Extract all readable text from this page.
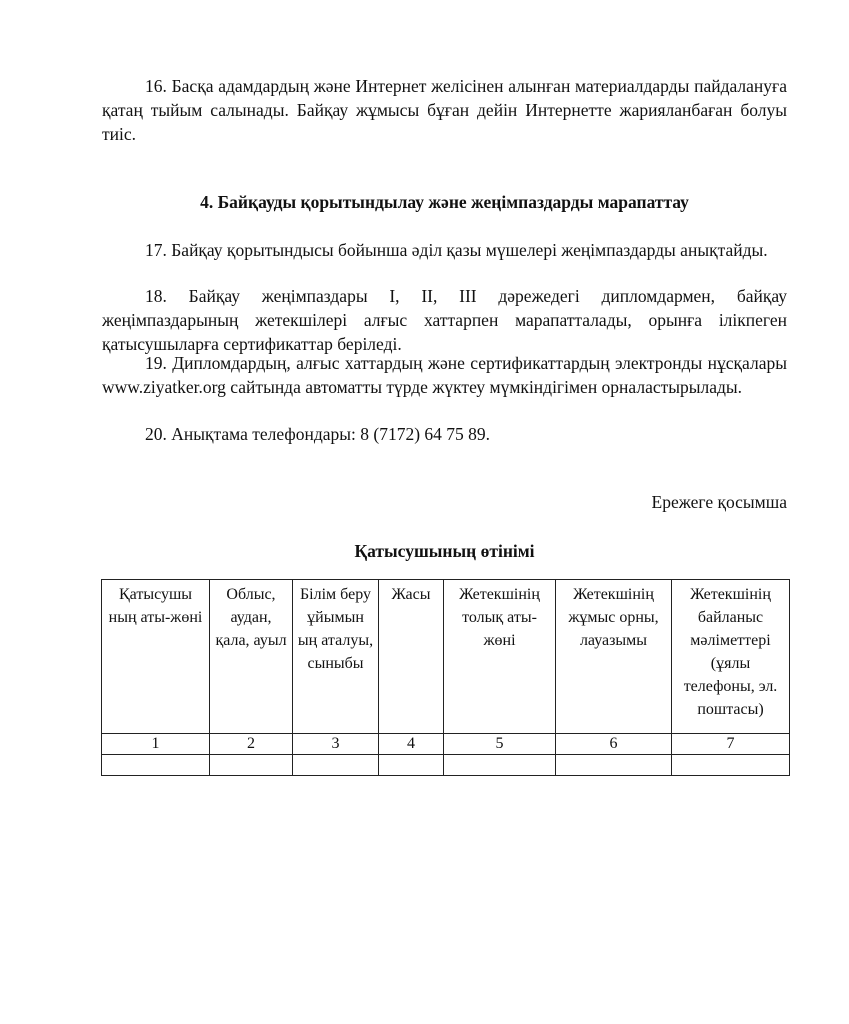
16. Басқа адамдардың және Интернет желісінен алынған материалдарды пайдалануға қатаң тыйым салынады. Байқау жұмысы бұған дейін Интернетте жарияланбаған болуы тиіс.

4. Байқауды қорытындылау және жеңімпаздарды марапаттау

17. Байқау қорытындысы бойынша әділ қазы мүшелері жеңімпаздарды анықтайды.

18. Байқау жеңімпаздары І, ІІ, ІІІ дәрежедегі дипломдармен, байқау жеңімпаздарының жетекшілері алғыс хаттарпен марапатталады, орынға ілікпеген қатысушыларға сертификаттар беріледі.

19. Дипломдардың, алғыс хаттардың және сертификаттардың электронды нұсқалары www.ziyatker.org сайтында автоматты түрде жүктеу мүмкіндігімен орналастырылады.

20. Анықтама телефондары: 8 (7172) 64 75 89.

Ережеге қосымша

Қатысушының өтінімі

Қатысушы ның аты-жөні	Облыс, аудан, қала, ауыл	Білім беру ұйымын ың аталуы, сыныбы	Жасы	Жетекшінің толық аты-жөні	Жетекшінің жұмыс орны, лауазымы	Жетекшінің байланыс мәліметтері (ұялы телефоны, эл. поштасы)
1	2	3	4	5	6	7
